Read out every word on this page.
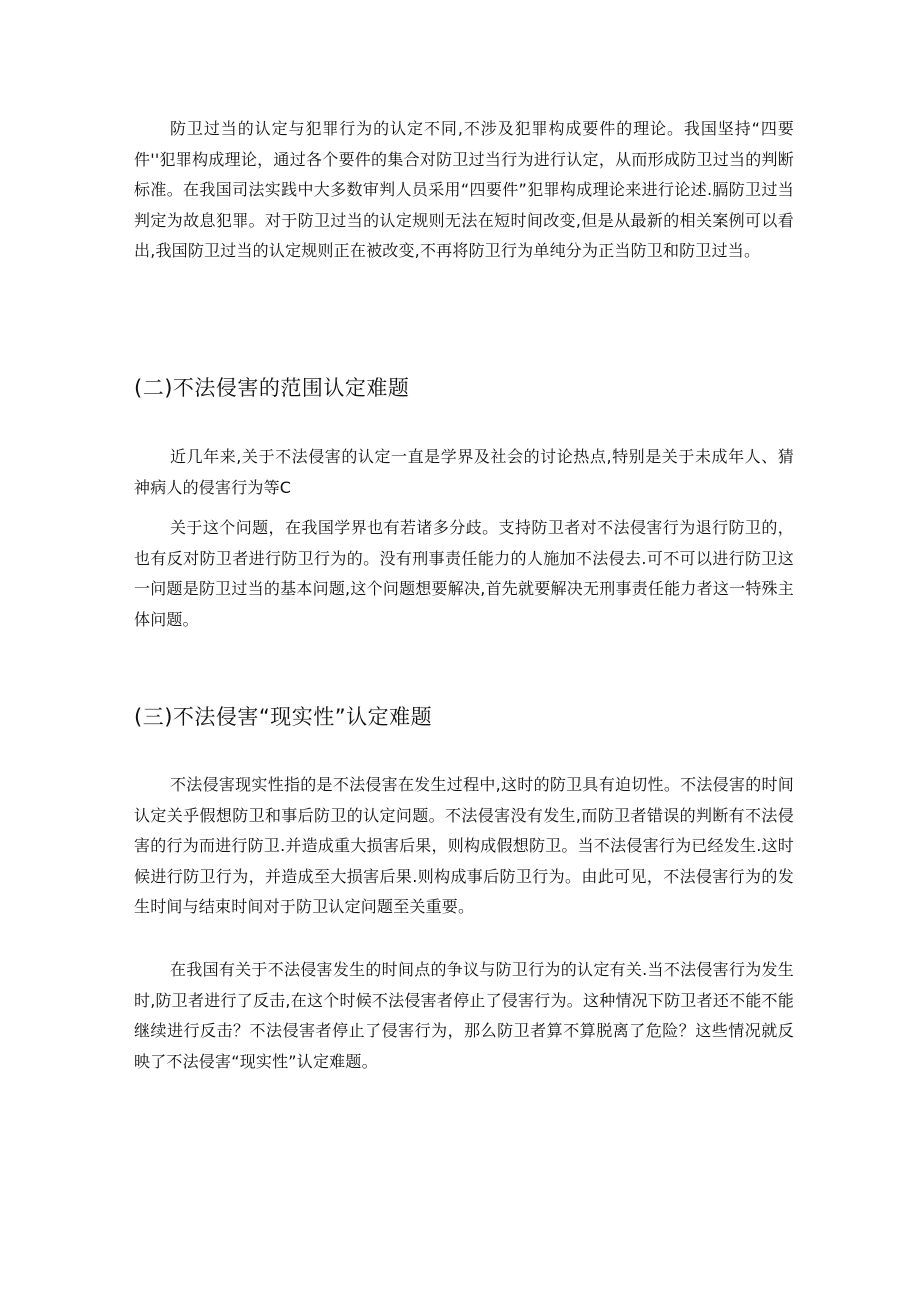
防卫过当的认定与犯罪行为的认定不同,不涉及犯罪构成要件的理论。我国坚持“四要件''犯罪构成理论，通过各个要件的集合对防卫过当行为进行认定，从而形成防卫过当的判断标准。在我国司法实践中大多数审判人员采用“四要件”犯罪构成理论来进行论述.膈防卫过当判定为故息犯罪。对于防卫过当的认定规则无法在短时间改变,但是从最新的相关案例可以看出,我国防卫过当的认定规则正在被改变,不再将防卫行为单纯分为正当防卫和防卫过当。

(二)不法侵害的范围认定难题

近几年来,关于不法侵害的认定一直是学界及社会的讨论热点,特别是关于未成年人、猜神病人的侵害行为等C

关于这个问题，在我国学界也有若诸多分歧。支持防卫者对不法侵害行为退行防卫的，也有反对防卫者进行防卫行为的。没有刑事责任能力的人施加不法侵去.可不可以进行防卫这一问题是防卫过当的基本问题,这个问题想要解决,首先就要解决无刑事责任能力者这一特殊主体问题。

(三)不法侵害“现实性”认定难题

不法侵害现实性指的是不法侵害在发生过程中,这时的防卫具有迫切性。不法侵害的时间认定关乎假想防卫和事后防卫的认定问题。不法侵害没有发生,而防卫者错误的判断有不法侵害的行为而进行防卫.并造成重大损害后果，则构成假想防卫。当不法侵害行为已经发生.这时候进行防卫行为，并造成至大损害后果.则构成事后防卫行为。由此可见，不法侵害行为的发生时间与结束时间对于防卫认定问题至关重要。

在我国有关于不法侵害发生的时间点的争议与防卫行为的认定有关.当不法侵害行为发生时,防卫者进行了反击,在这个时候不法侵害者停止了侵害行为。这种情况下防卫者还不能不能继续进行反击？不法侵害者停止了侵害行为，那么防卫者算不算脱离了危险？这些情况就反映了不法侵害“现实性”认定难题。
